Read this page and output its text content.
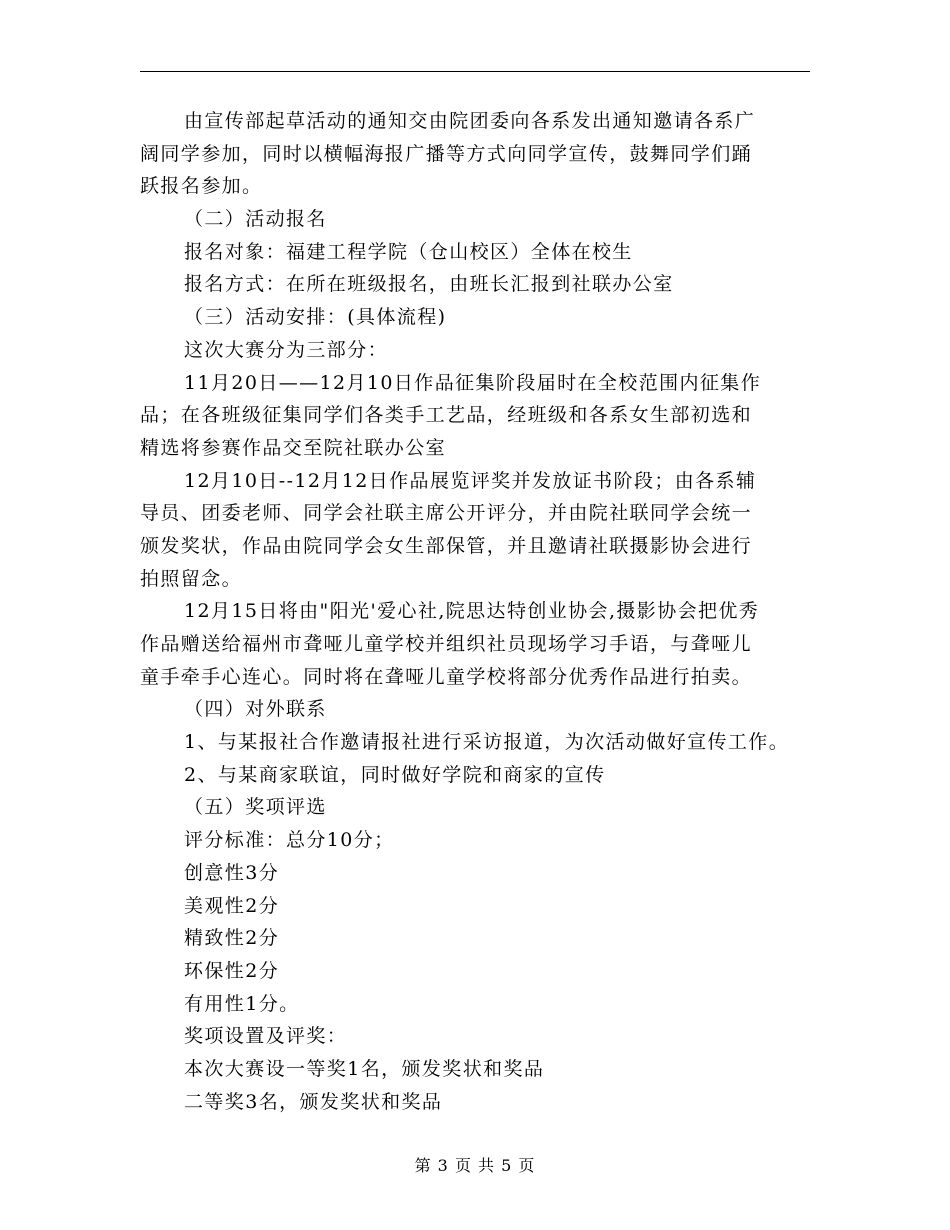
由宣传部起草活动的通知交由院团委向各系发出通知邀请各系广
阔同学参加，同时以横幅海报广播等方式向同学宣传，鼓舞同学们踊
跃报名参加。
（二）活动报名
报名对象：福建工程学院（仓山校区）全体在校生
报名方式：在所在班级报名，由班长汇报到社联办公室
（三）活动安排：(具体流程)
这次大赛分为三部分：
11月20日——12月10日作品征集阶段届时在全校范围内征集作
品；在各班级征集同学们各类手工艺品，经班级和各系女生部初选和
精选将参赛作品交至院社联办公室
12月10日--12月12日作品展览评奖并发放证书阶段；由各系辅
导员、团委老师、同学会社联主席公开评分，并由院社联同学会统一
颁发奖状，作品由院同学会女生部保管，并且邀请社联摄影协会进行
拍照留念。
12月15日将由"阳光'爱心社,院思达特创业协会,摄影协会把优秀
作品赠送给福州市聋哑儿童学校并组织社员现场学习手语，与聋哑儿
童手牵手心连心。同时将在聋哑儿童学校将部分优秀作品进行拍卖。
（四）对外联系
1、与某报社合作邀请报社进行采访报道，为次活动做好宣传工作。
2、与某商家联谊，同时做好学院和商家的宣传
（五）奖项评选
评分标准：总分10分；
创意性3分
美观性2分
精致性2分
环保性2分
有用性1分。
奖项设置及评奖：
本次大赛设一等奖1名，颁发奖状和奖品
二等奖3名，颁发奖状和奖品
第 3 页 共 5 页
